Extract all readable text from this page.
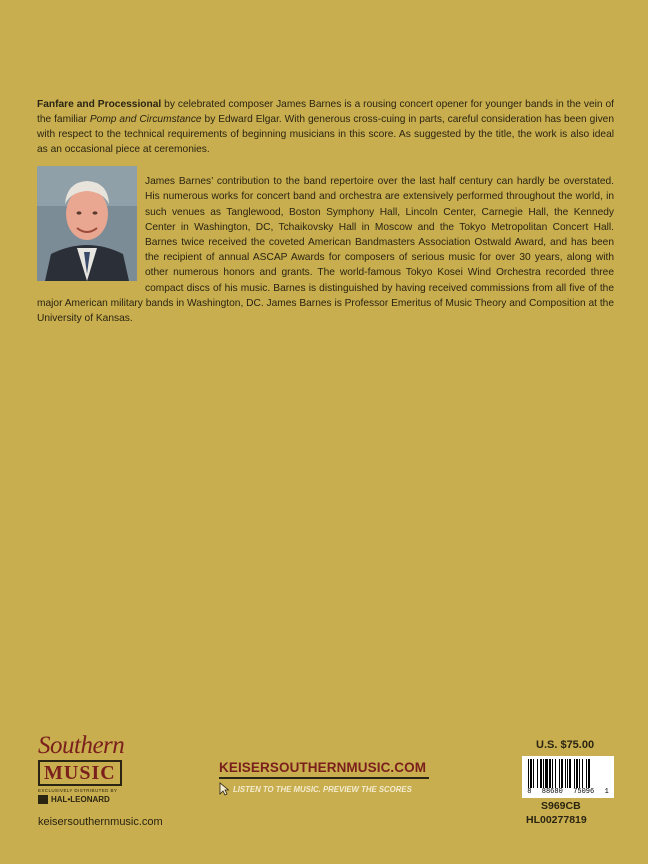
Fanfare and Processional by celebrated composer James Barnes is a rousing concert opener for younger bands in the vein of the familiar Pomp and Circumstance by Edward Elgar. With generous cross-cuing in parts, careful consideration has been given with respect to the technical requirements of beginning musicians in this score. As suggested by the title, the work is also ideal as an occasional piece at ceremonies.

James Barnes’ contribution to the band repertoire over the last half century can hardly be overstated. His numerous works for concert band and orchestra are extensively performed throughout the world, in such venues as Tanglewood, Boston Symphony Hall, Lincoln Center, Carnegie Hall, the Kennedy Center in Washington, DC, Tchaikovsky Hall in Moscow and the Tokyo Metropolitan Concert Hall. Barnes twice received the coveted American Bandmasters Association Ostwald Award, and has been the recipient of annual ASCAP Awards for composers of serious music for over 30 years, along with other numerous honors and grants. The world-famous Tokyo Kosei Wind Orchestra recorded three compact discs of his music. Barnes is distinguished by having received commissions from all five of the major American military bands in Washington, DC. James Barnes is Professor Emeritus of Music Theory and Composition at the University of Kansas.

Southern
MUSIC
EXCLUSIVELY DISTRIBUTED BY
HAL•LEONARD
keisersouthernmusic.com
KEISERSOUTHERNMUSIC.COM
LISTEN TO THE MUSIC. PREVIEW THE SCORES
U.S. $75.00
8 88680 75096 1
S969CB
HL00277819
